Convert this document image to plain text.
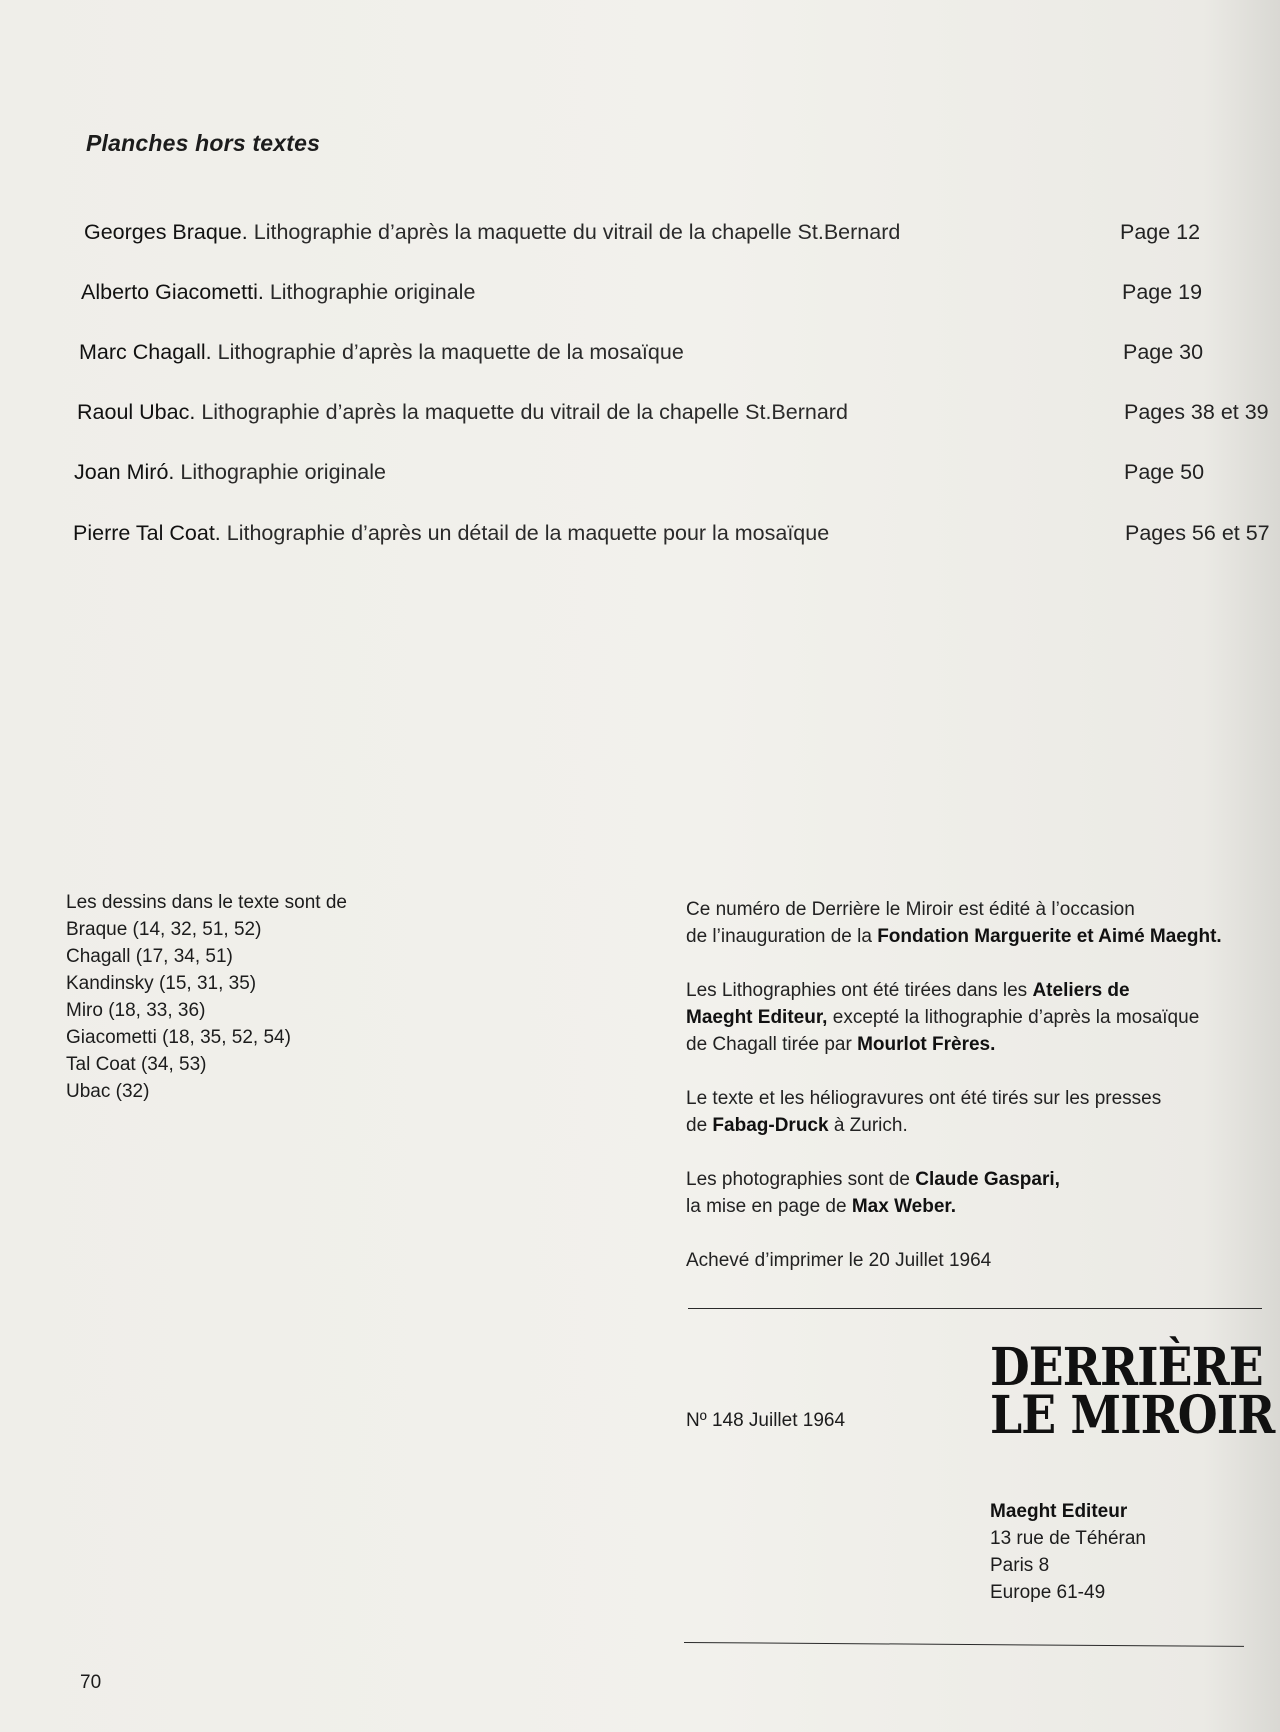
Planches hors textes
Georges Braque. Lithographie d’après la maquette du vitrail de la chapelle St.Bernard	Page 12
Alberto Giacometti. Lithographie originale	Page 19
Marc Chagall. Lithographie d’après la maquette de la mosaïque	Page 30
Raoul Ubac. Lithographie d’après la maquette du vitrail de la chapelle St.Bernard	Pages 38 et 39
Joan Miró. Lithographie originale	Page 50
Pierre Tal Coat. Lithographie d’après un détail de la maquette pour la mosaïque	Pages 56 et 57
Les dessins dans le texte sont de
Braque (14, 32, 51, 52)
Chagall (17, 34, 51)
Kandinsky (15, 31, 35)
Miro (18, 33, 36)
Giacometti (18, 35, 52, 54)
Tal Coat (34, 53)
Ubac (32)
Ce numéro de Derrière le Miroir est édité à l’occasion
de l’inauguration de la Fondation Marguerite et Aimé Maeght.
Les Lithographies ont été tirées dans les Ateliers de
Maeght Editeur, excepté la lithographie d’après la mosaïque
de Chagall tirée par Mourlot Frères.
Le texte et les héliogravures ont été tirés sur les presses
de Fabag-Druck à Zurich.
Les photographies sont de Claude Gaspari,
la mise en page de Max Weber.
Achevé d’imprimer le 20 Juillet 1964
Nº 148 Juillet 1964
DERRIÈRE
LE MIROIR
Maeght Editeur
13 rue de Téhéran
Paris 8
Europe 61-49
70
